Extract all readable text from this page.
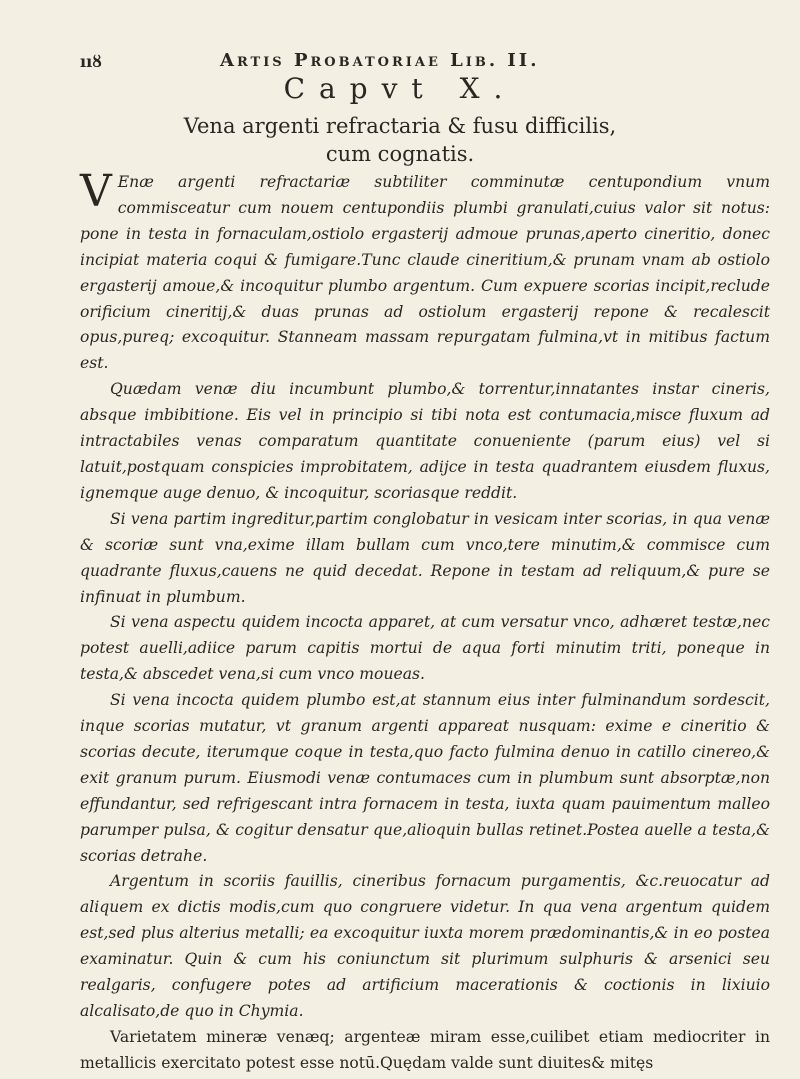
ııȣ	Artis Probatoriae Lib. II.
Capvt X.
Vena argenti refractaria & fusu difficilis,
cum cognatis.

V Enæ argenti refractariæ subtiliter comminutæ centupondium vnum commisceatur cum nouem centupondiis plumbi granulati,cuius valor sit notus: pone in testa in fornaculam,ostiolo ergasterij admoue prunas,aperto cineritio, donec incipiat materia coqui & fumigare.Tunc claude cineritium,& prunam vnam ab ostiolo ergasterij amoue,& incoquitur plumbo argentum. Cum expuere scorias incipit,reclude orificium cineritij,& duas prunas ad ostiolum ergasterij repone & recalescit opus,pureq; excoquitur. Stanneam massam repurgatam fulmina,vt in mitibus factum est.

Quædam venæ diu incumbunt plumbo,& torrentur,innatantes instar cineris, absque imbibitione. Eis vel in principio si tibi nota est contumacia,misce fluxum ad intractabiles venas comparatum quantitate conueniente (parum eius) vel si latuit,postquam conspicies improbitatem, adijce in testa quadrantem eiusdem fluxus, ignemque auge denuo, & incoquitur, scoriasque reddit.

Si vena partim ingreditur,partim conglobatur in vesicam inter scorias, in qua venæ & scoriæ sunt vna,exime illam bullam cum vnco,tere minutim,& commisce cum quadrante fluxus,cauens ne quid decedat. Repone in testam ad reliquum,& pure se infinuat in plumbum.

Si vena aspectu quidem incocta apparet, at cum versatur vnco, adhæret testæ,nec potest auelli,adiice parum capitis mortui de aqua forti minutim triti, poneque in testa,& abscedet vena,si cum vnco moueas.

Si vena incocta quidem plumbo est,at stannum eius inter fulminandum sordescit, inque scorias mutatur, vt granum argenti appareat nusquam: exime e cineritio & scorias decute, iterumque coque in testa,quo facto fulmina denuo in catillo cinereo,& exit granum purum. Eiusmodi venæ contumaces cum in plumbum sunt absorptæ,non effundantur, sed refrigescant intra fornacem in testa, iuxta quam pauimentum malleo parumper pulsa, & cogitur densatur que,alioquin bullas retinet.Postea auelle a testa,& scorias detrahe.

Argentum in scoriis fauillis, cineribus fornacum purgamentis, &c.reuocatur ad aliquem ex dictis modis,cum quo congruere videtur. In qua vena argentum quidem est,sed plus alterius metalli; ea excoquitur iuxta morem prædominantis,& in eo postea examinatur. Quin & cum his coniunctum sit plurimum sulphuris & arsenici seu realgaris, confugere potes ad artificium macerationis & coctionis in lixiuio alcalisato,de quo in Chymia.

Varietatem mineræ venæq; argenteæ miram esse,cuilibet etiam mediocriter in metallicis exercitato potest esse notū.Quędam valde sunt diuites& mitęs
